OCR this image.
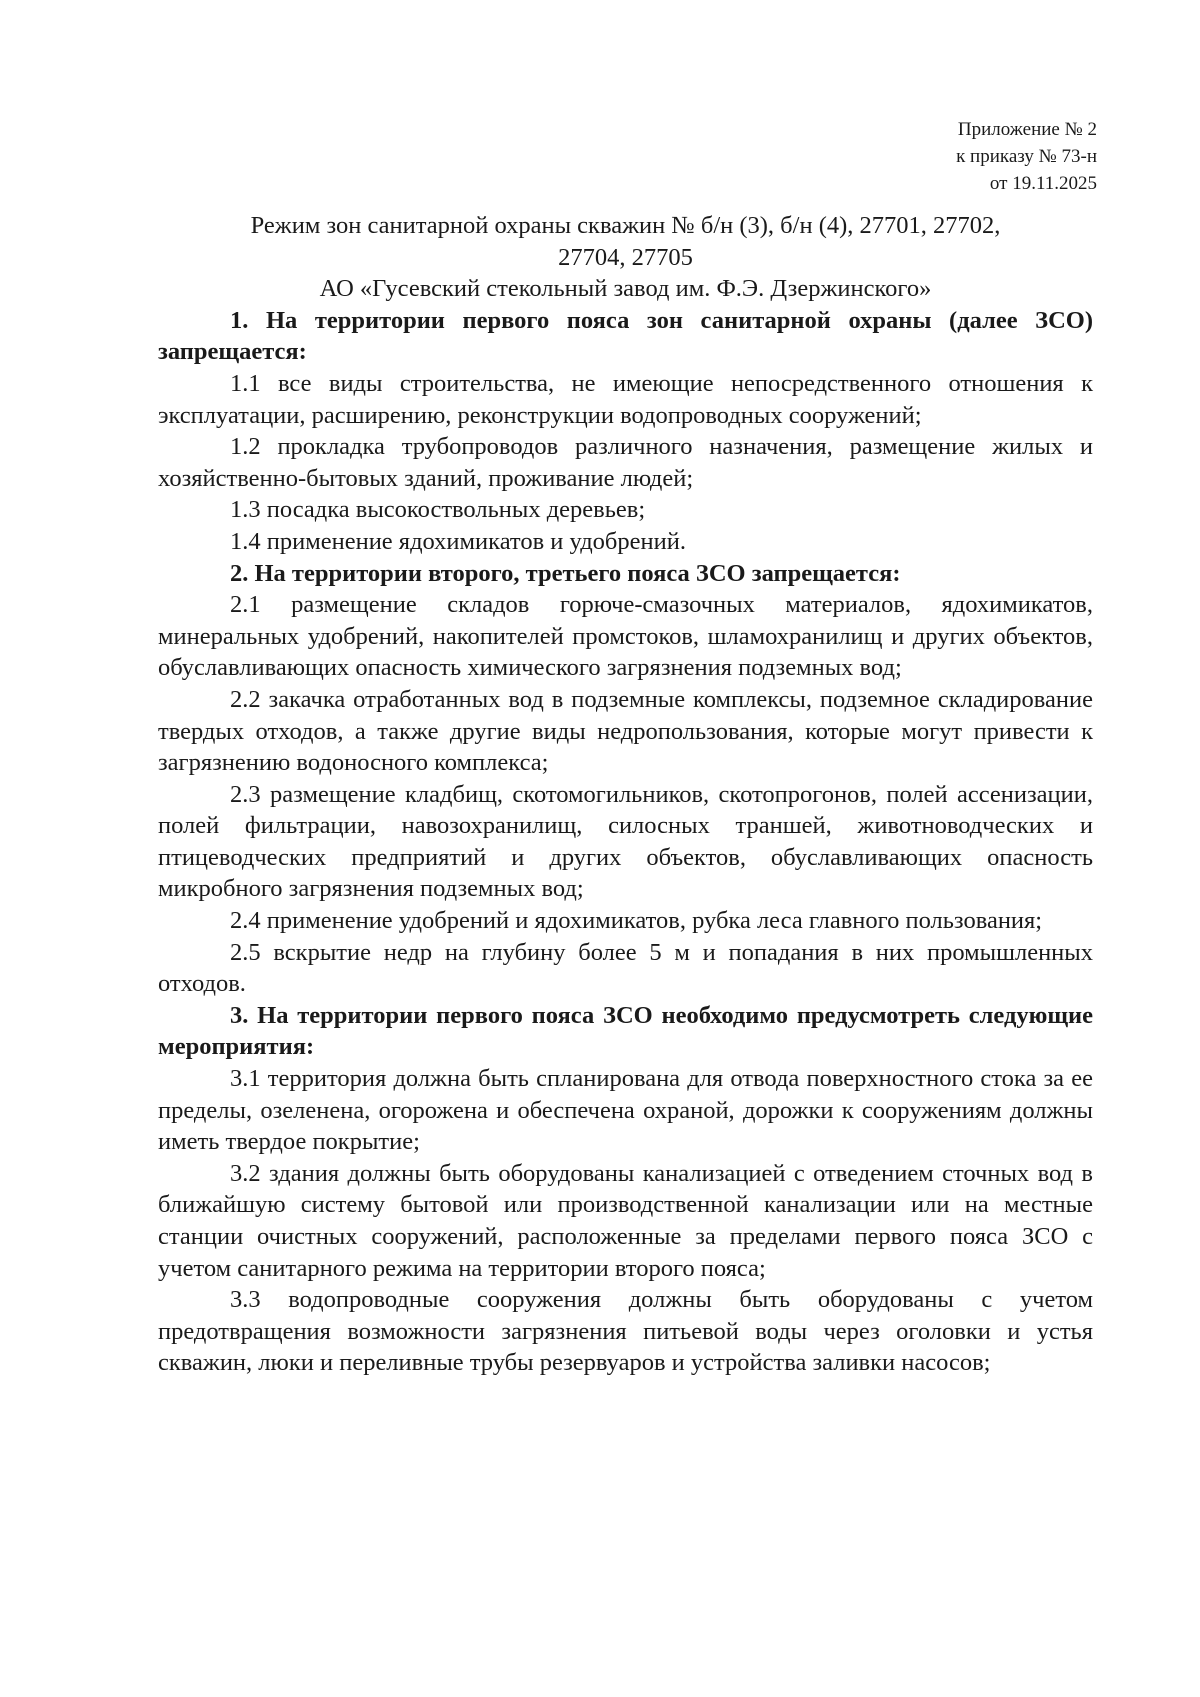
Приложение № 2
к приказу № 73-н
от 19.11.2025
Режим зон санитарной охраны скважин № б/н (3), б/н (4), 27701, 27702,
27704, 27705
АО «Гусевский стекольный завод им. Ф.Э. Дзержинского»

1. На территории первого пояса зон санитарной охраны (далее ЗСО) запрещается:

1.1 все виды строительства, не имеющие непосредственного отношения к эксплуатации, расширению, реконструкции водопроводных сооружений;

1.2 прокладка трубопроводов различного назначения, размещение жилых и хозяйственно-бытовых зданий, проживание людей;

1.3 посадка высокоствольных деревьев;

1.4 применение ядохимикатов и удобрений.

2. На территории второго, третьего пояса ЗСО запрещается:

2.1 размещение складов горюче-смазочных материалов, ядохимикатов, минеральных удобрений, накопителей промстоков, шламохранилищ и других объектов, обуславливающих опасность химического загрязнения подземных вод;

2.2 закачка отработанных вод в подземные комплексы, подземное складирование твердых отходов, а также другие виды недропользования, которые могут привести к загрязнению водоносного комплекса;

2.3 размещение кладбищ, скотомогильников, скотопрогонов, полей ассенизации, полей фильтрации, навозохранилищ, силосных траншей, животноводческих и птицеводческих предприятий и других объектов, обуславливающих опасность микробного загрязнения подземных вод;

2.4 применение удобрений и ядохимикатов, рубка леса главного пользования;

2.5 вскрытие недр на глубину более 5 м и попадания в них промышленных отходов.

3. На территории первого пояса ЗСО необходимо предусмотреть следующие мероприятия:

3.1 территория должна быть спланирована для отвода поверхностного стока за ее пределы, озеленена, огорожена и обеспечена охраной, дорожки к сооружениям должны иметь твердое покрытие;

3.2 здания должны быть оборудованы канализацией с отведением сточных вод в ближайшую систему бытовой или производственной канализации или на местные станции очистных сооружений, расположенные за пределами первого пояса ЗСО с учетом санитарного режима на территории второго пояса;

3.3 водопроводные сооружения должны быть оборудованы с учетом предотвращения возможности загрязнения питьевой воды через оголовки и устья скважин, люки и переливные трубы резервуаров и устройства заливки насосов;
